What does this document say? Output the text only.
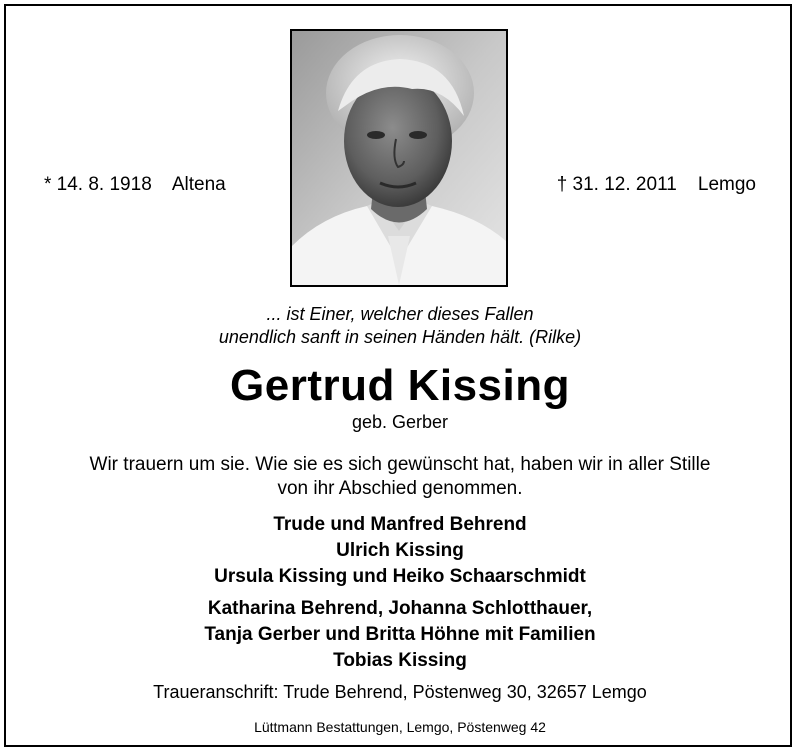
* 14. 8. 1918    Altena	† 31. 12. 2011    Lemgo
... ist Einer, welcher dieses Fallen
unendlich sanft in seinen Händen hält. (Rilke)
Gertrud Kissing
geb. Gerber
Wir trauern um sie. Wie sie es sich gewünscht hat, haben wir in aller Stille
von ihr Abschied genommen.
Trude und Manfred Behrend
Ulrich Kissing
Ursula Kissing und Heiko Schaarschmidt
Katharina Behrend, Johanna Schlotthauer,
Tanja Gerber und Britta Höhne mit Familien
Tobias Kissing
Traueranschrift: Trude Behrend, Pöstenweg 30, 32657 Lemgo
Lüttmann Bestattungen, Lemgo, Pöstenweg 42
